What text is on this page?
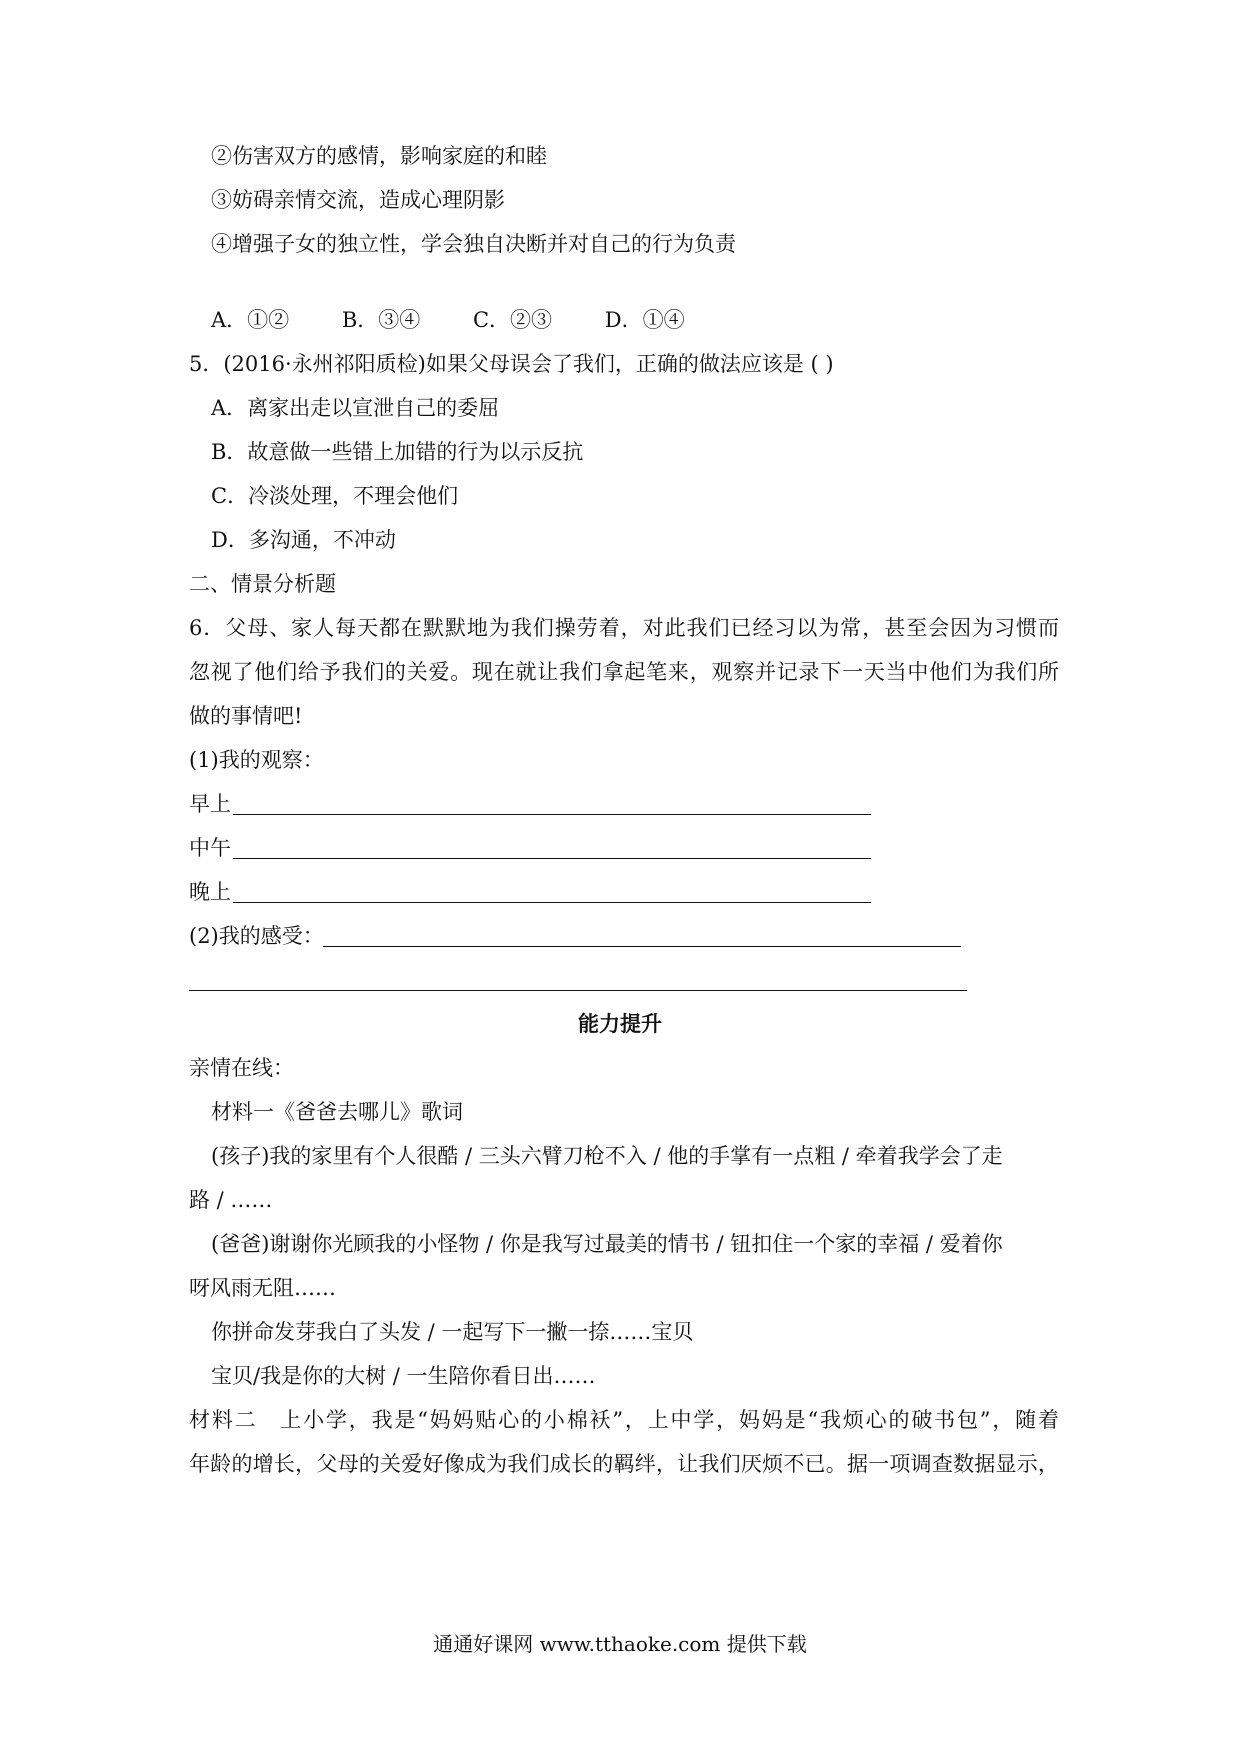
②伤害双方的感情，影响家庭的和睦
③妨碍亲情交流，造成心理阴影
④增强子女的独立性，学会独自决断并对自己的行为负责
A．①②	B．③④	C．②③	D．①④
5．(2016·永州祁阳质检)如果父母误会了我们，正确的做法应该是 ( )
A．离家出走以宣泄自己的委屈
B．故意做一些错上加错的行为以示反抗
C．冷淡处理，不理会他们
D．多沟通，不冲动
二、情景分析题
6．父母、家人每天都在默默地为我们操劳着，对此我们已经习以为常，甚至会因为习惯而
忽视了他们给予我们的关爱。现在就让我们拿起笔来，观察并记录下一天当中他们为我们所
做的事情吧!
(1)我的观察：
早上
中午
晚上
(2)我的感受：
能力提升
亲情在线：
材料一《爸爸去哪儿》歌词
(孩子)我的家里有个人很酷 / 三头六臂刀枪不入 / 他的手掌有一点粗 / 牵着我学会了走
路 / ……
(爸爸)谢谢你光顾我的小怪物 / 你是我写过最美的情书 / 钮扣住一个家的幸福 / 爱着你
呀风雨无阻……
你拼命发芽我白了头发 / 一起写下一撇一捺……宝贝
宝贝/我是你的大树 / 一生陪你看日出……
材料二　上小学，我是“妈妈贴心的小棉袄”，上中学，妈妈是“我烦心的破书包”，随着
年龄的增长，父母的关爱好像成为我们成长的羁绊，让我们厌烦不已。据一项调查数据显示，
通通好课网 www.tthaoke.com 提供下载
